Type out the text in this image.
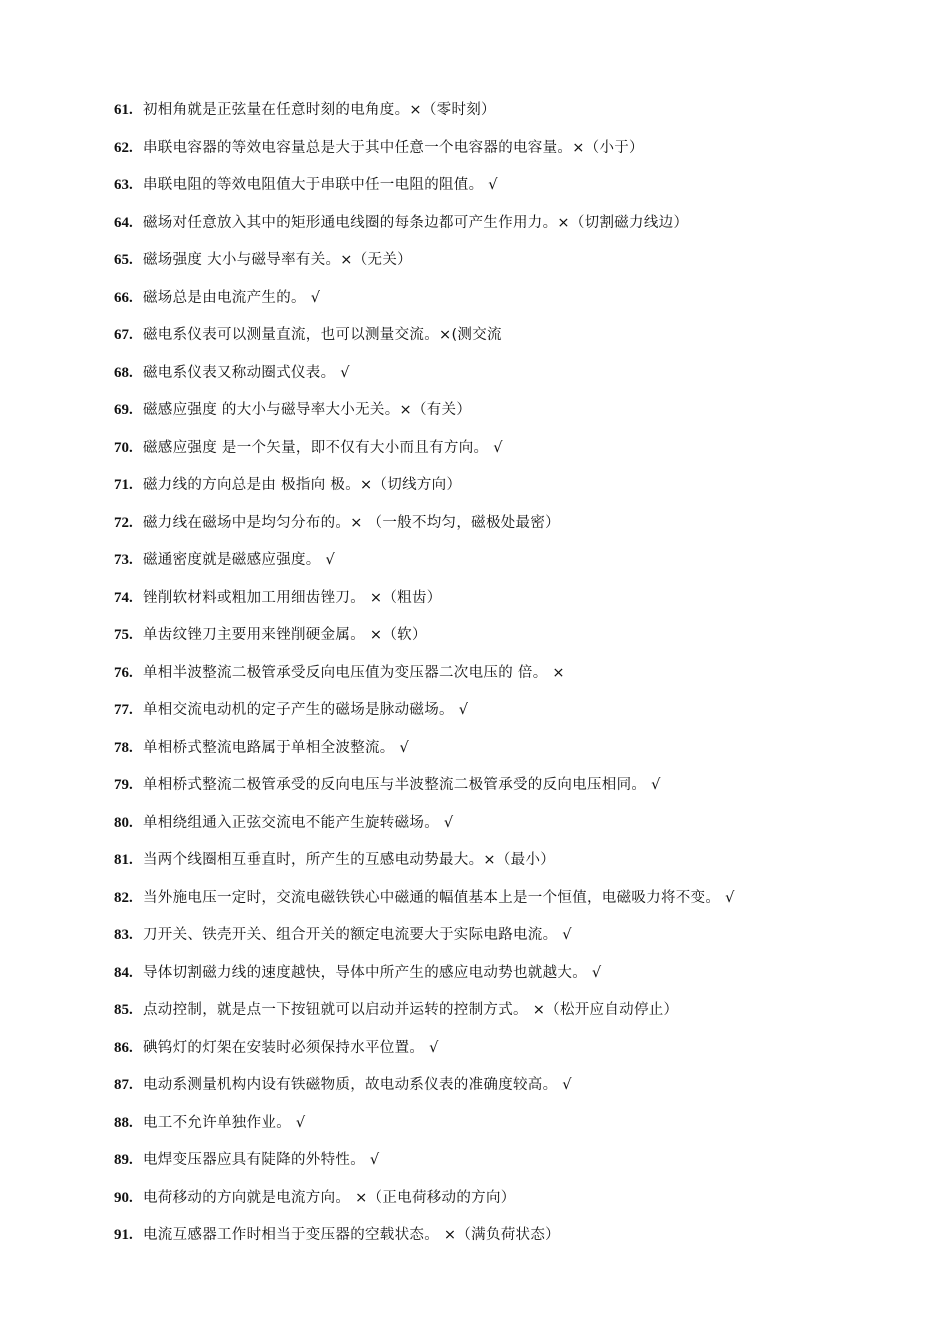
61. 初相角就是正弦量在任意时刻的电角度。×（零时刻）
62. 串联电容器的等效电容量总是大于其中任意一个电容器的电容量。×（小于）
63. 串联电阻的等效电阻值大于串联中任一电阻的阻值。 √
64. 磁场对任意放入其中的矩形通电线圈的每条边都可产生作用力。×（切割磁力线边）
65. 磁场强度 大小与磁导率有关。×（无关）
66. 磁场总是由电流产生的。 √
67. 磁电系仪表可以测量直流，也可以测量交流。×(测交流
68. 磁电系仪表又称动圈式仪表。 √
69. 磁感应强度 的大小与磁导率大小无关。×（有关）
70. 磁感应强度 是一个矢量，即不仅有大小而且有方向。 √
71. 磁力线的方向总是由 极指向 极。×（切线方向）
72. 磁力线在磁场中是均匀分布的。× （一般不均匀，磁极处最密）
73. 磁通密度就是磁感应强度。 √
74. 锉削软材料或粗加工用细齿锉刀。 ×（粗齿）
75. 单齿纹锉刀主要用来锉削硬金属。 ×（软）
76. 单相半波整流二极管承受反向电压值为变压器二次电压的 倍。 ×
77. 单相交流电动机的定子产生的磁场是脉动磁场。 √
78. 单相桥式整流电路属于单相全波整流。 √
79. 单相桥式整流二极管承受的反向电压与半波整流二极管承受的反向电压相同。 √
80. 单相绕组通入正弦交流电不能产生旋转磁场。 √
81. 当两个线圈相互垂直时，所产生的互感电动势最大。×（最小）
82. 当外施电压一定时，交流电磁铁铁心中磁通的幅值基本上是一个恒值，电磁吸力将不变。 √
83. 刀开关、铁壳开关、组合开关的额定电流要大于实际电路电流。 √
84. 导体切割磁力线的速度越快，导体中所产生的感应电动势也就越大。 √
85. 点动控制，就是点一下按钮就可以启动并运转的控制方式。 ×（松开应自动停止）
86. 碘钨灯的灯架在安装时必须保持水平位置。 √
87. 电动系测量机构内设有铁磁物质，故电动系仪表的准确度较高。 √
88. 电工不允许单独作业。 √
89. 电焊变压器应具有陡降的外特性。 √
90. 电荷移动的方向就是电流方向。 ×（正电荷移动的方向）
91. 电流互感器工作时相当于变压器的空载状态。 ×（满负荷状态）
